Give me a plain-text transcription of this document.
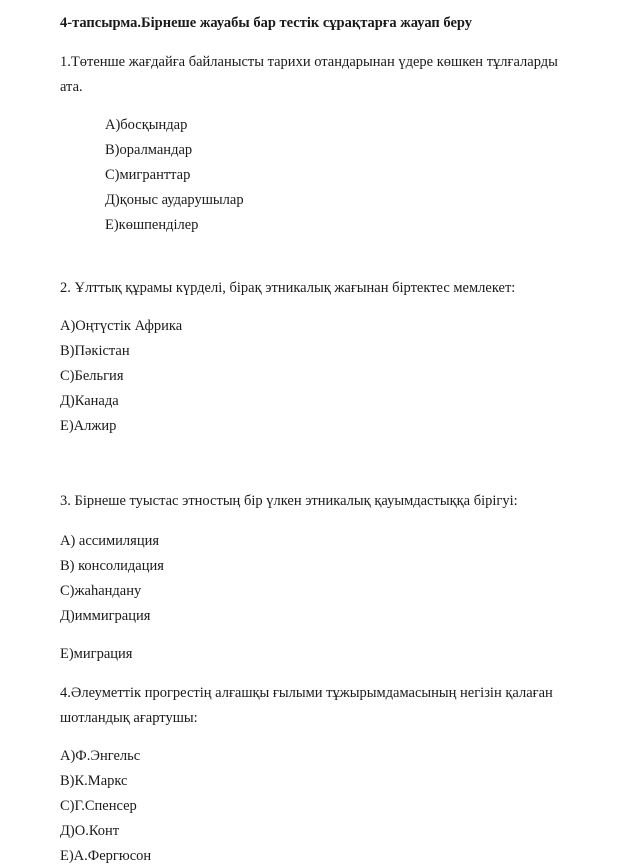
4-тапсырма.Бірнеше жауабы бар тестік сұрақтарға жауап беру
1.Төтенше жағдайға байланысты тарихи отандарынан үдере көшкен тұлғаларды
ата.
А)босқындар
В)оралмандар
С)мигранттар
Д)қоныс аударушылар
Е)көшпенділер
2. Ұлттық құрамы күрделі, бірақ этникалық жағынан біртектес мемлекет:
А)Оңтүстік Африка
В)Пәкістан
С)Бельгия
Д)Канада
Е)Алжир
3. Бірнеше туыстас этностың бір үлкен этникалық қауымдастыққа бірігуі:
А) ассимиляция
В) консолидация
С)жаһандану
Д)иммиграция
Е)миграция
4.Әлеуметтік прогрестің алғашқы ғылыми тұжырымдамасының негізін қалаған
шотландық ағартушы:
А)Ф.Энгельс
В)К.Маркс
С)Г.Спенсер
Д)О.Конт
Е)А.Фергюсон
